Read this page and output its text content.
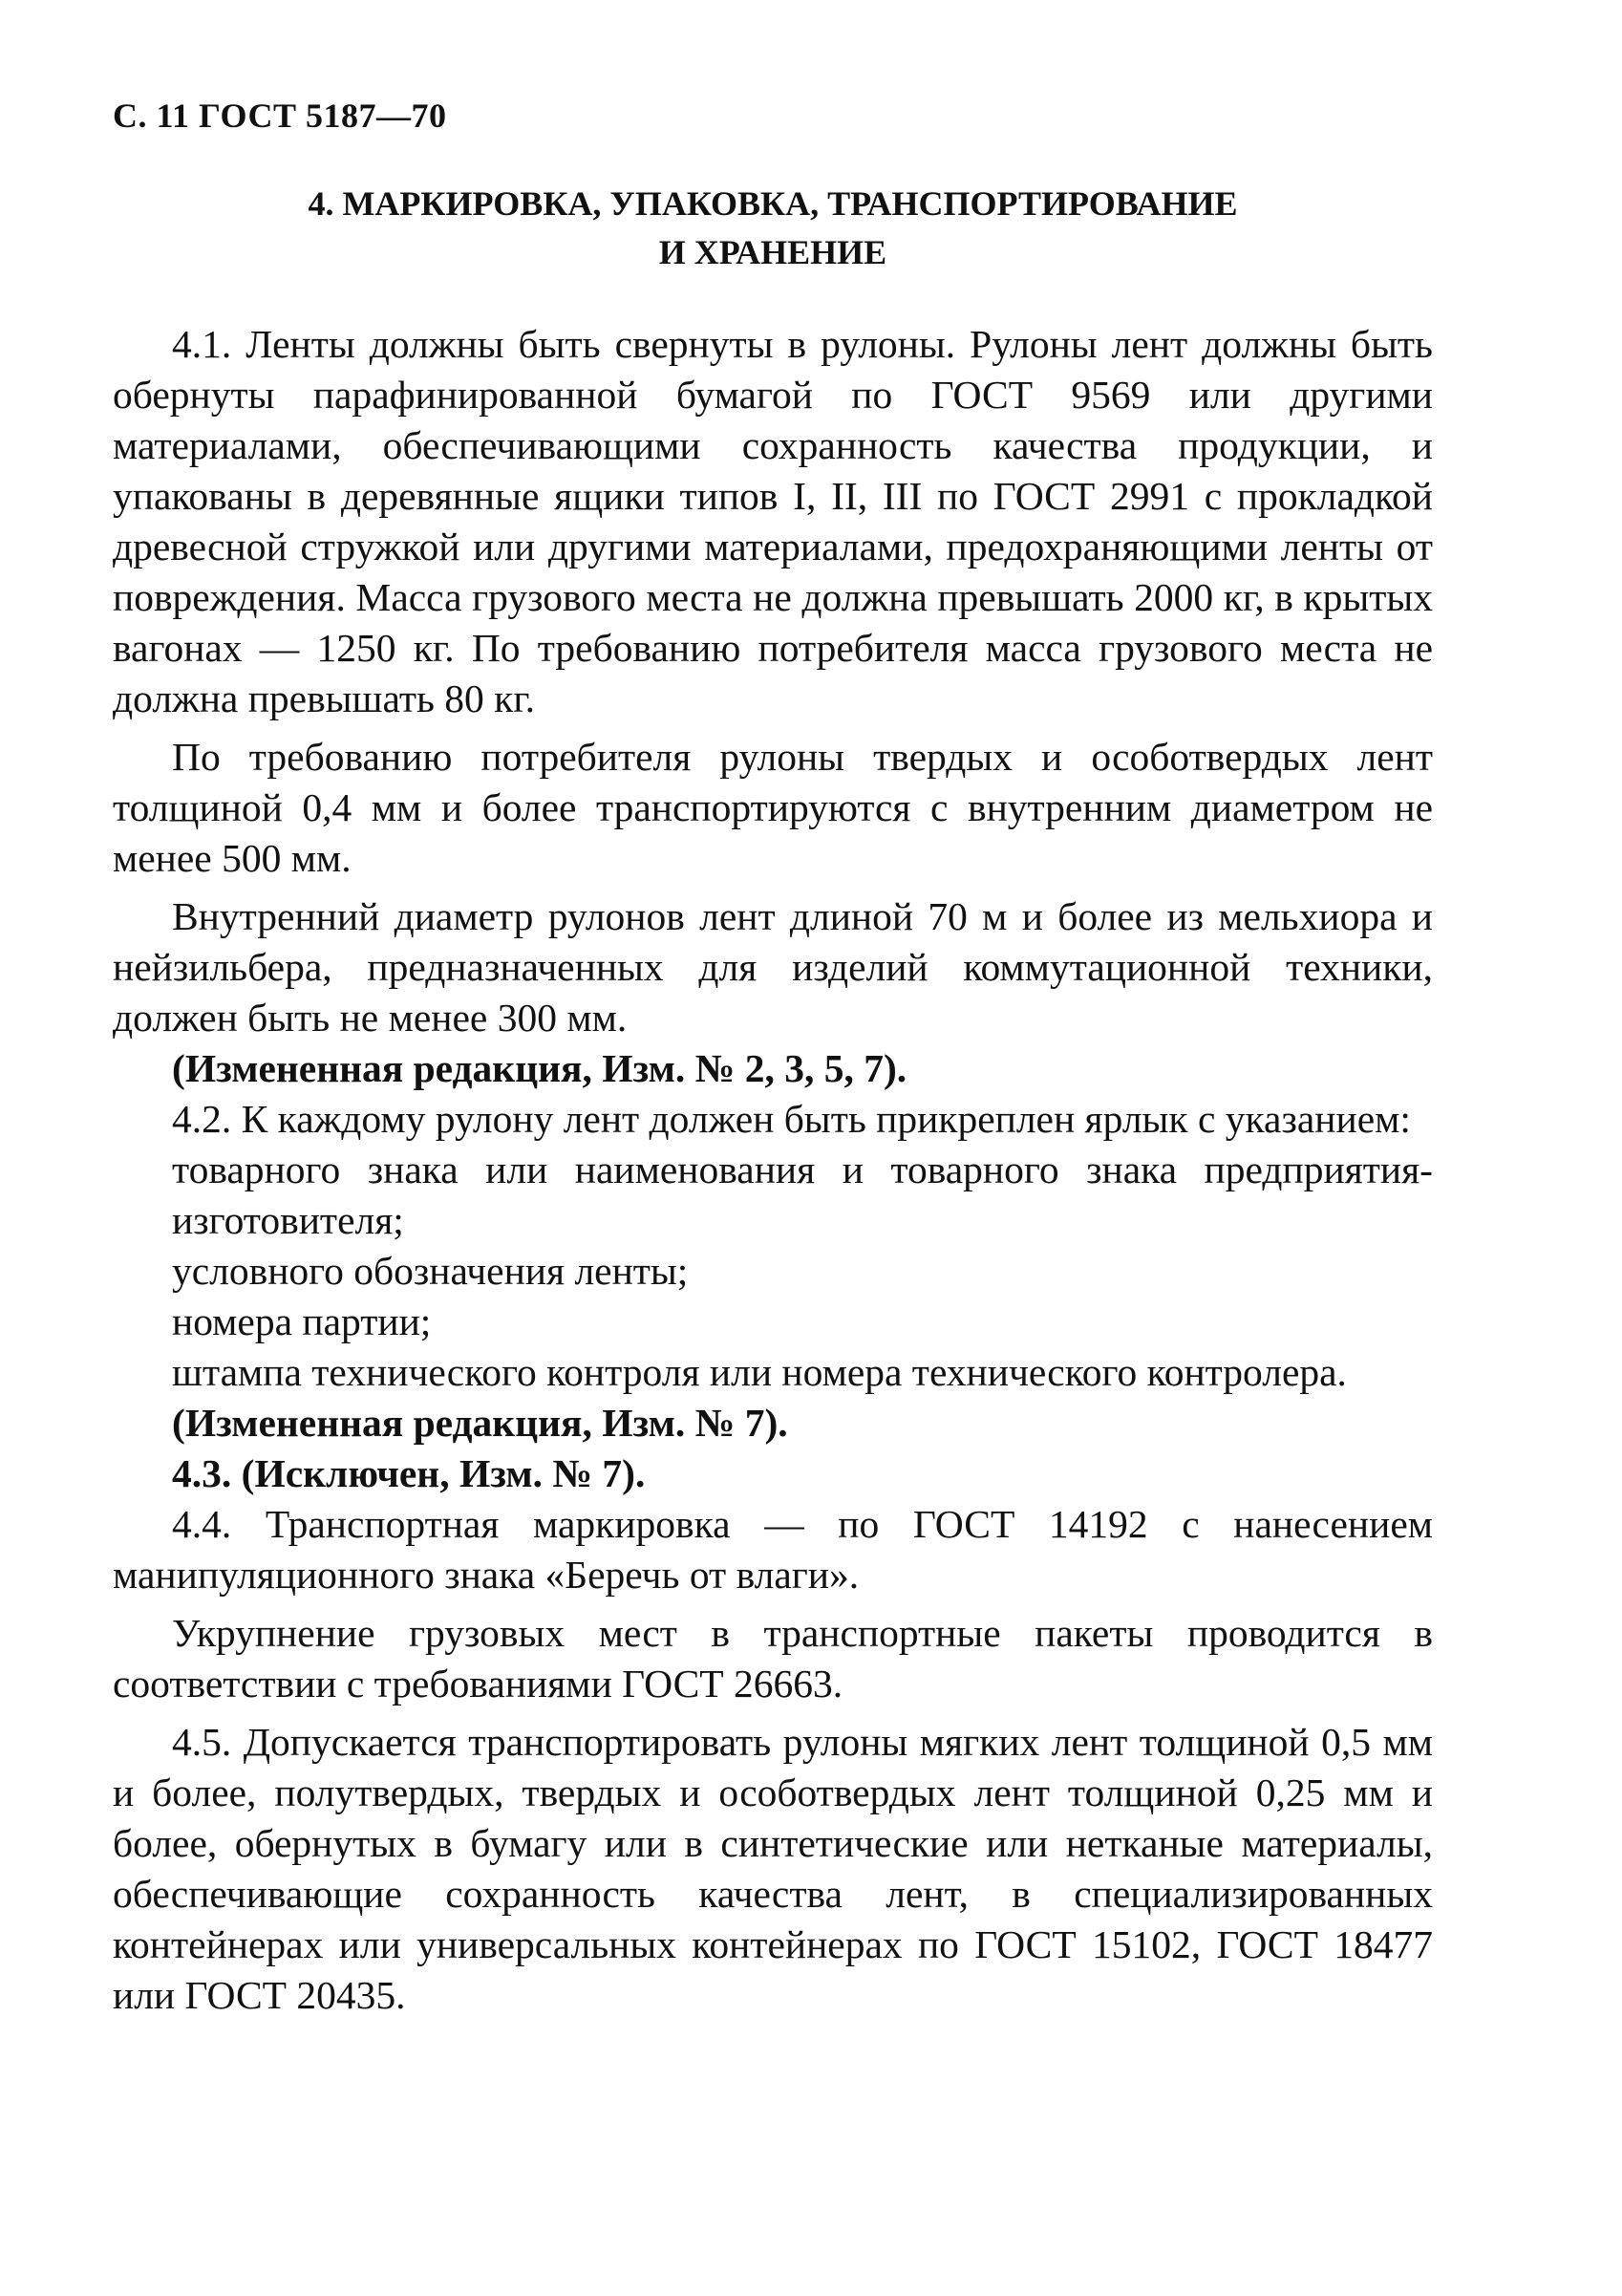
С. 11 ГОСТ 5187—70
4. МАРКИРОВКА, УПАКОВКА, ТРАНСПОРТИРОВАНИЕ
И ХРАНЕНИЕ

4.1. Ленты должны быть свернуты в рулоны. Рулоны лент должны быть обернуты парафинированной бумагой по ГОСТ 9569 или другими материалами, обеспечивающими сохранность качества продукции, и упакованы в деревянные ящики типов I, II, III по ГОСТ 2991 с прокладкой древесной стружкой или другими материалами, предохраняющими ленты от повреждения. Масса грузового места не должна превышать 2000 кг, в крытых вагонах — 1250 кг. По требованию потребителя масса грузового места не должна превышать 80 кг.

По требованию потребителя рулоны твердых и особотвердых лент толщиной 0,4 мм и более транспортируются с внутренним диаметром не менее 500 мм.

Внутренний диаметр рулонов лент длиной 70 м и более из мельхиора и нейзильбера, предназначенных для изделий коммутационной техники, должен быть не менее 300 мм.

(Измененная редакция, Изм. № 2, 3, 5, 7).

4.2. К каждому рулону лент должен быть прикреплен ярлык с указанием:

товарного знака или наименования и товарного знака предприятия-изготовителя;

условного обозначения ленты;

номера партии;

штампа технического контроля или номера технического контролера.

(Измененная редакция, Изм. № 7).

4.3. (Исключен, Изм. № 7).

4.4. Транспортная маркировка — по ГОСТ 14192 с нанесением манипуляционного знака «Беречь от влаги».

Укрупнение грузовых мест в транспортные пакеты проводится в соответствии с требованиями ГОСТ 26663.

4.5. Допускается транспортировать рулоны мягких лент толщиной 0,5 мм и более, полутвердых, твердых и особотвердых лент толщиной 0,25 мм и более, обернутых в бумагу или в синтетические или нетканые материалы, обеспечивающие сохранность качества лент, в специализированных контейнерах или универсальных контейнерах по ГОСТ 15102, ГОСТ 18477 или ГОСТ 20435.
